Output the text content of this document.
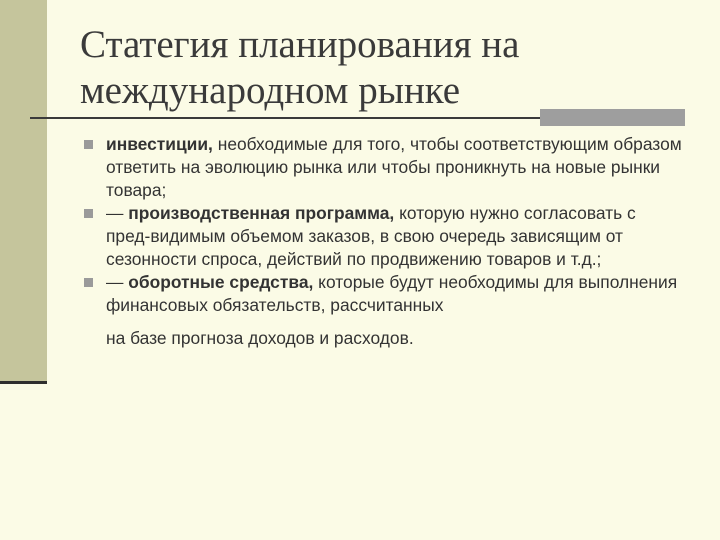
Статегия планирования на международном рынке
инвестиции, необходимые для того, чтобы соответствующим образом ответить на эволюцию рынка или чтобы проникнуть на новые рынки товара;
— производственная программа, которую нужно согласовать с пред-видимым объемом заказов, в свою очередь зависящим от сезонности спроса, действий по продвижению товаров и т.д.;
— оборотные средства, которые будут необходимы для выполнения финансовых обязательств, рассчитанных
на базе прогноза доходов и расходов.
